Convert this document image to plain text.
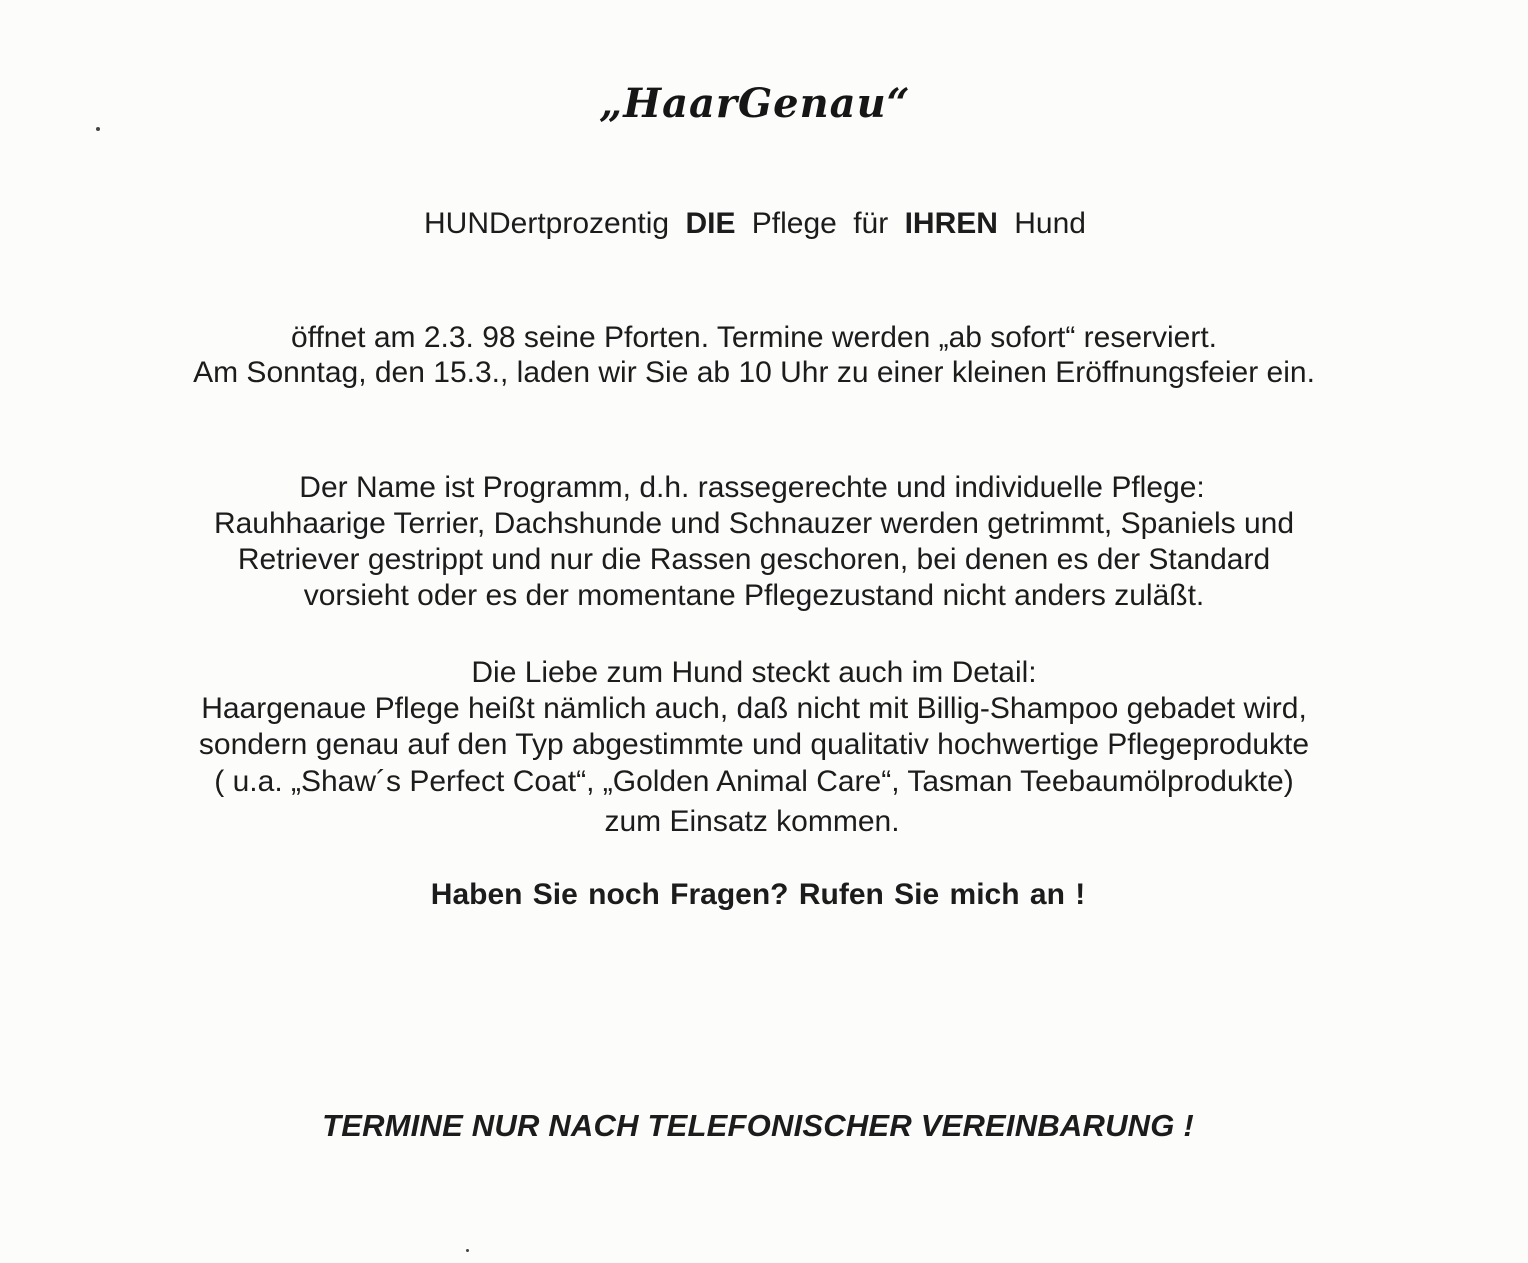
„HaarGenau“
HUNDertprozentig DIE Pflege für IHREN Hund
öffnet am 2.3. 98 seine Pforten. Termine werden „ab sofort“ reserviert.
Am Sonntag, den 15.3., laden wir Sie ab 10 Uhr zu einer kleinen Eröffnungsfeier ein.
Der Name ist Programm, d.h. rassegerechte und individuelle Pflege:
Rauhhaarige Terrier, Dachshunde und Schnauzer werden getrimmt, Spaniels und
Retriever gestrippt und nur die Rassen geschoren, bei denen es der Standard
vorsieht oder es der momentane Pflegezustand nicht anders zuläßt.
Die Liebe zum Hund steckt auch im Detail:
Haargenaue Pflege heißt nämlich auch, daß nicht mit Billig-Shampoo gebadet wird,
sondern genau auf den Typ abgestimmte und qualitativ hochwertige Pflegeprodukte
( u.a. „Shaw´s Perfect Coat“, „Golden Animal Care“, Tasman Teebaumölprodukte)
zum Einsatz kommen.
Haben Sie noch Fragen? Rufen Sie mich an !
TERMINE NUR NACH TELEFONISCHER VEREINBARUNG !
